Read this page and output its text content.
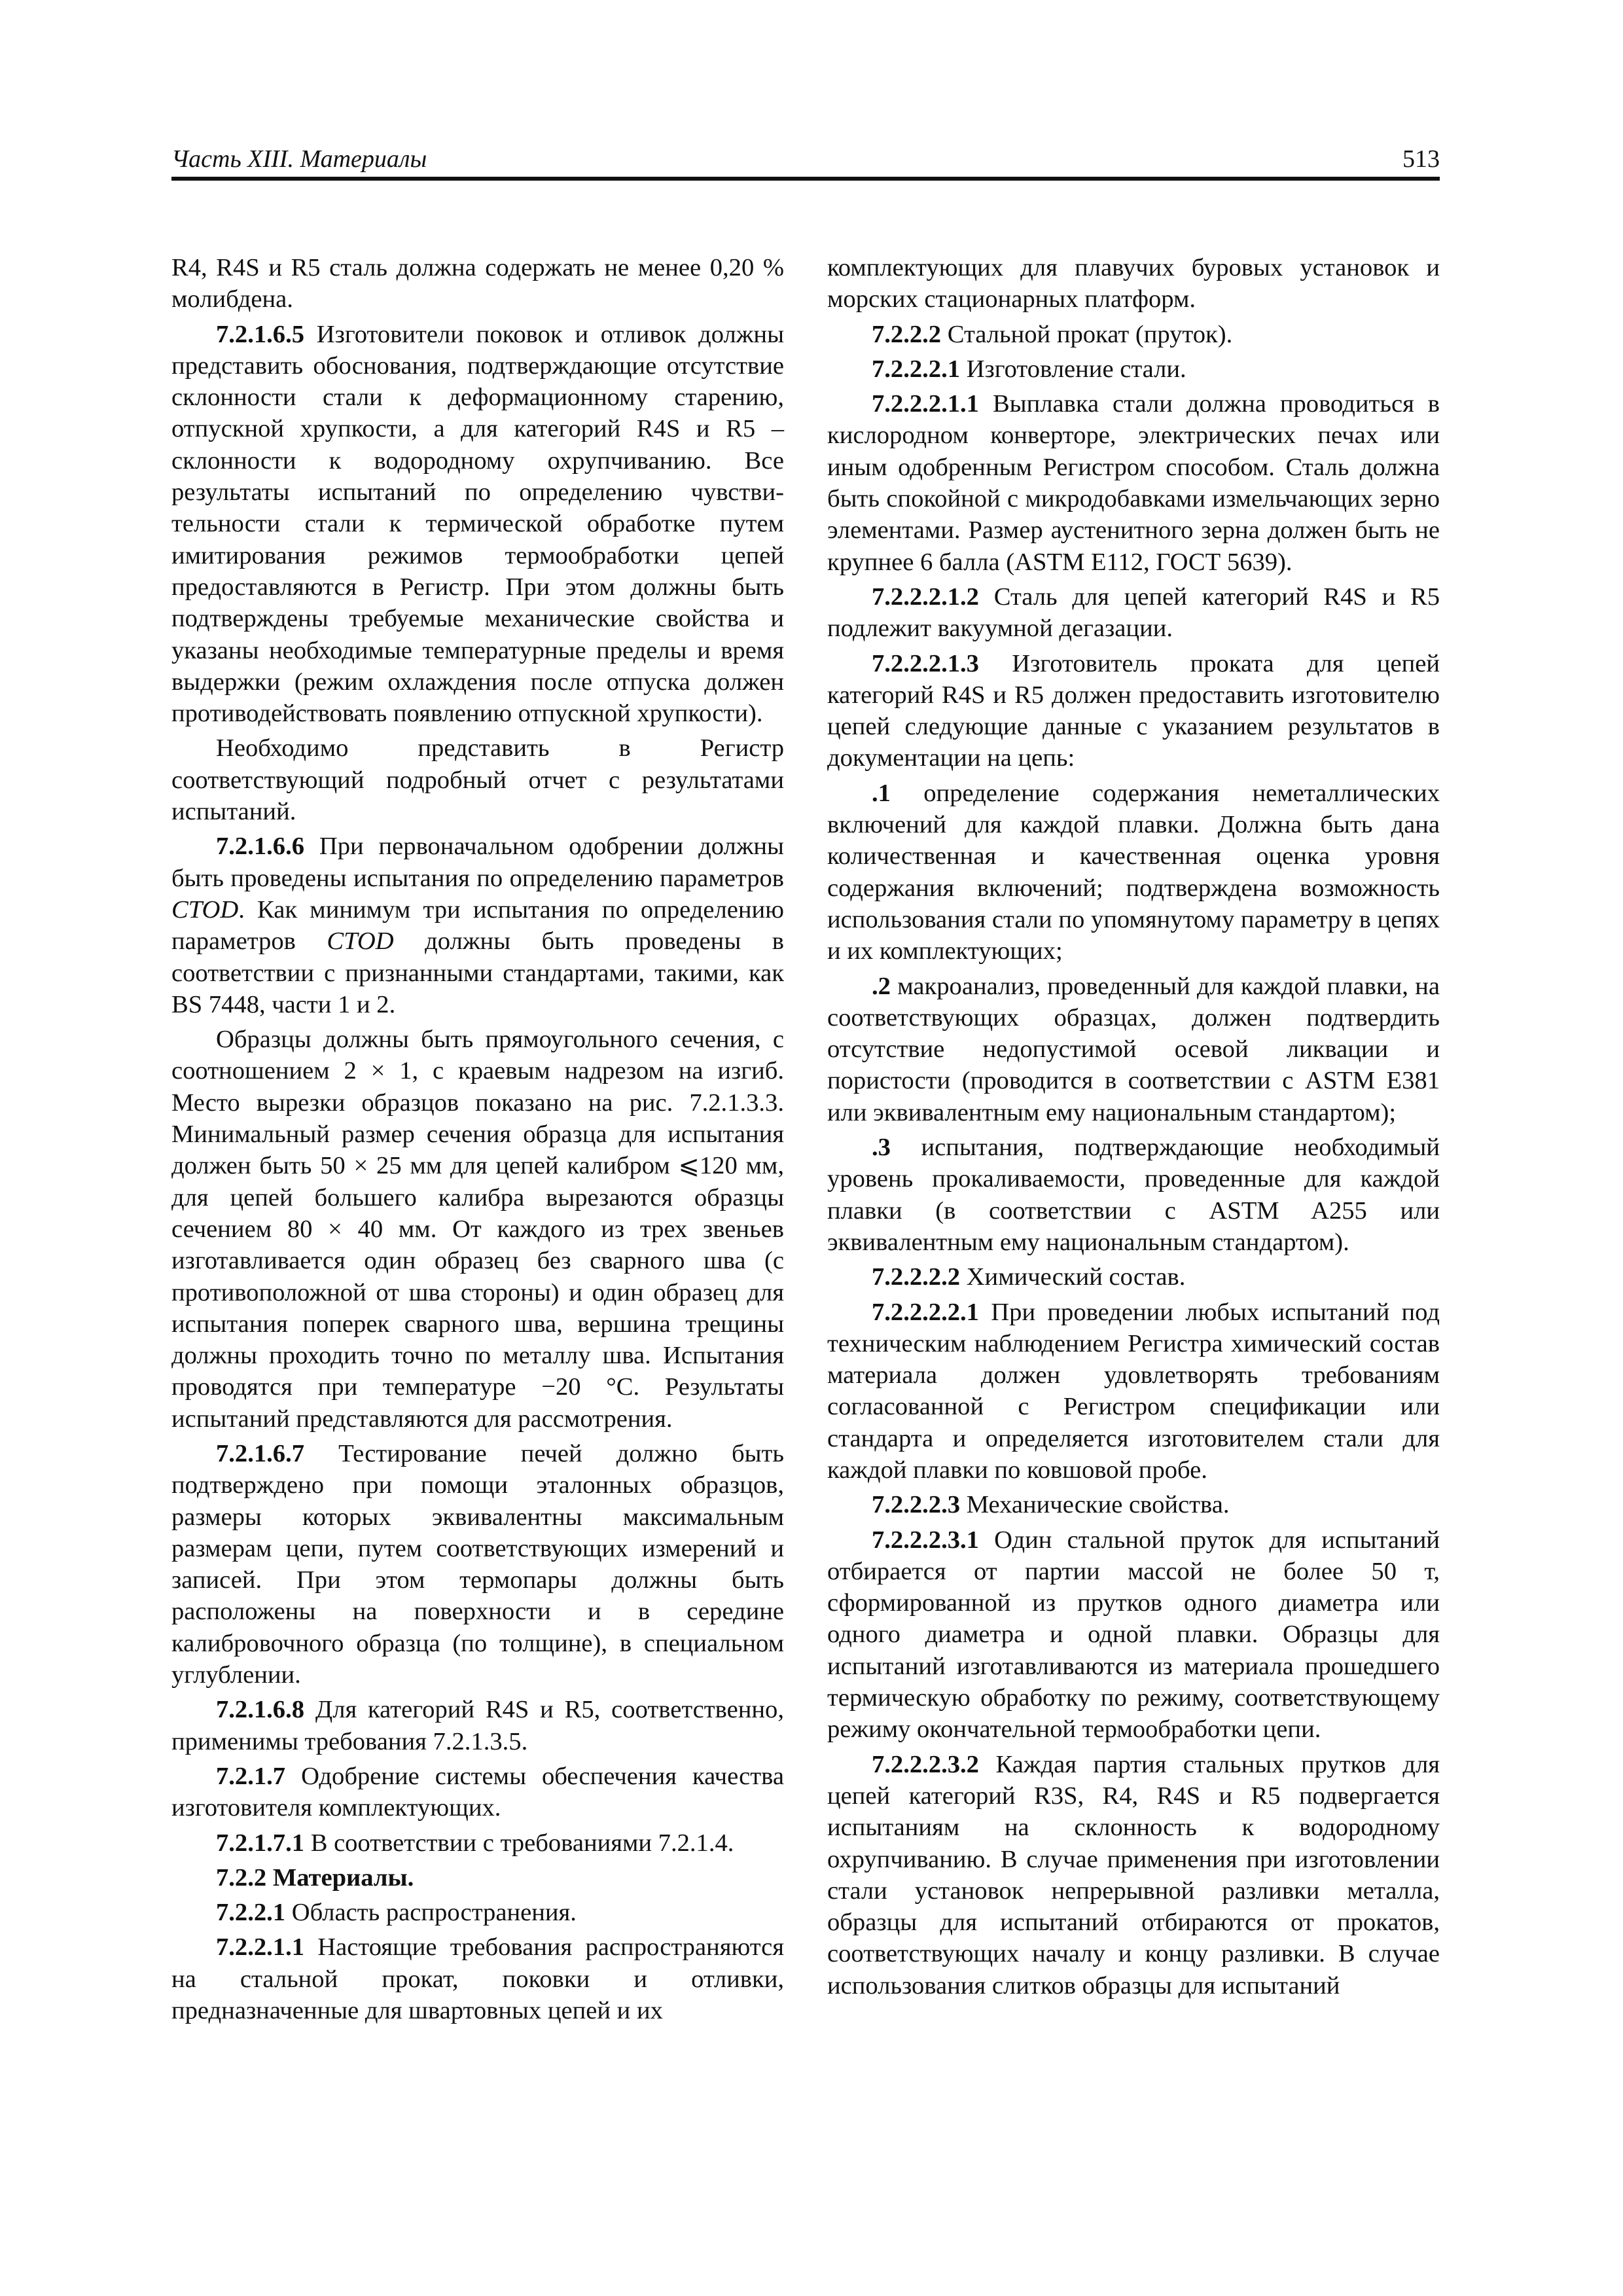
Часть XIII. Материалы	513

R4, R4S и R5 сталь должна содержать не менее 0,20 % молибдена.

7.2.1.6.5 Изготовители поковок и отливок должны представить обоснования, подтверждающие отсутствие склонности стали к деформационному старению, отпускной хрупкости, а для категорий R4S и R5 – склонности к водородному охрупчиванию. Все результаты испытаний по определению чувстви-тельности стали к термической обработке путем имитирования режимов термообработки цепей предоставляются в Регистр. При этом должны быть подтверждены требуемые механические свойства и указаны необходимые температурные пределы и время выдержки (режим охлаждения после отпуска должен противодействовать появлению отпускной хрупкости).

Необходимо представить в Регистр соответствующий подробный отчет с результатами испытаний.

7.2.1.6.6 При первоначальном одобрении должны быть проведены испытания по определению параметров CTOD. Как минимум три испытания по определению параметров CTOD должны быть проведены в соответствии с признанными стандартами, такими, как BS 7448, части 1 и 2.

Образцы должны быть прямоугольного сечения, с соотношением 2 × 1, с краевым надрезом на изгиб. Место вырезки образцов показано на рис. 7.2.1.3.3. Минимальный размер сечения образца для испытания должен быть 50 × 25 мм для цепей калибром ⩽120 мм, для цепей большего калибра вырезаются образцы сечением 80 × 40 мм. От каждого из трех звеньев изготавливается один образец без сварного шва (с противоположной от шва стороны) и один образец для испытания поперек сварного шва, вершина трещины должны проходить точно по металлу шва. Испытания проводятся при температуре −20 °C. Результаты испытаний представляются для рассмотрения.

7.2.1.6.7 Тестирование печей должно быть подтверждено при помощи эталонных образцов, размеры которых эквивалентны максимальным размерам цепи, путем соответствующих измерений и записей. При этом термопары должны быть расположены на поверхности и в середине калибровочного образца (по толщине), в специальном углублении.

7.2.1.6.8 Для категорий R4S и R5, соответственно, применимы требования 7.2.1.3.5.

7.2.1.7 Одобрение системы обеспечения качества изготовителя комплектующих.

7.2.1.7.1 В соответствии с требованиями 7.2.1.4.

7.2.2 Материалы.

7.2.2.1 Область распространения.

7.2.2.1.1 Настоящие требования распространяются на стальной прокат, поковки и отливки, предназначенные для швартовных цепей и их

комплектующих для плавучих буровых установок и морских стационарных платформ.

7.2.2.2 Стальной прокат (пруток).

7.2.2.2.1 Изготовление стали.

7.2.2.2.1.1 Выплавка стали должна проводиться в кислородном конверторе, электрических печах или иным одобренным Регистром способом. Сталь должна быть спокойной с микродобавками измельчающих зерно элементами. Размер аустенитного зерна должен быть не крупнее 6 балла (ASTM E112, ГОСТ 5639).

7.2.2.2.1.2 Сталь для цепей категорий R4S и R5 подлежит вакуумной дегазации.

7.2.2.2.1.3 Изготовитель проката для цепей категорий R4S и R5 должен предоставить изготовителю цепей следующие данные с указанием результатов в документации на цепь:

.1 определение содержания неметаллических включений для каждой плавки. Должна быть дана количественная и качественная оценка уровня содержания включений; подтверждена возможность использования стали по упомянутому параметру в цепях и их комплектующих;

.2 макроанализ, проведенный для каждой плавки, на соответствующих образцах, должен подтвердить отсутствие недопустимой осевой ликвации и пористости (проводится в соответствии с ASTM E381 или эквивалентным ему национальным стандартом);

.3 испытания, подтверждающие необходимый уровень прокаливаемости, проведенные для каждой плавки (в соответствии с ASTM A255 или эквивалентным ему национальным стандартом).

7.2.2.2.2 Химический состав.

7.2.2.2.2.1 При проведении любых испытаний под техническим наблюдением Регистра химический состав материала должен удовлетворять требованиям согласованной с Регистром спецификации или стандарта и определяется изготовителем стали для каждой плавки по ковшовой пробе.

7.2.2.2.3 Механические свойства.

7.2.2.2.3.1 Один стальной пруток для испытаний отбирается от партии массой не более 50 т, сформированной из прутков одного диаметра или одного диаметра и одной плавки. Образцы для испытаний изготавливаются из материала прошедшего термическую обработку по режиму, соответствующему режиму окончательной термообработки цепи.

7.2.2.2.3.2 Каждая партия стальных прутков для цепей категорий R3S, R4, R4S и R5 подвергается испытаниям на склонность к водородному охрупчиванию. В случае применения при изготовлении стали установок непрерывной разливки металла, образцы для испытаний отбираются от прокатов, соответствующих началу и концу разливки. В случае использования слитков образцы для испытаний
